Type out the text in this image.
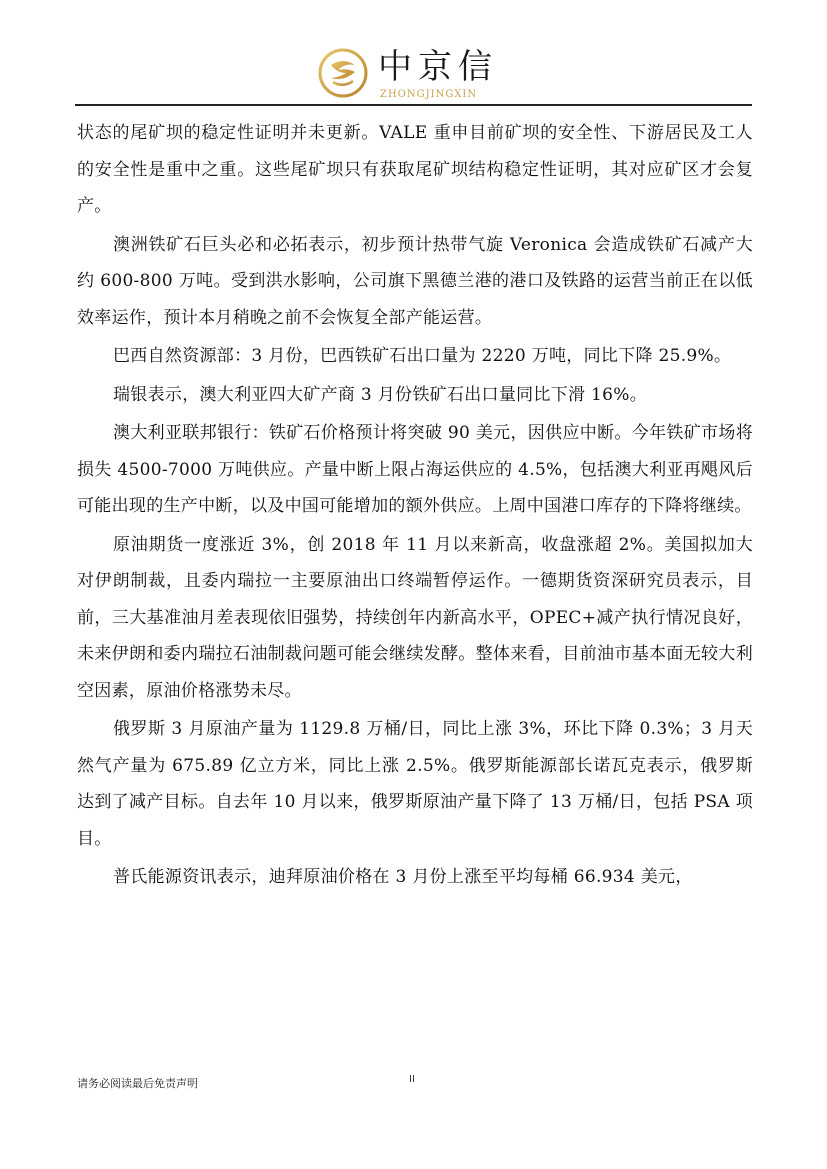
中京信
ZHONGJINGXIN

状态的尾矿坝的稳定性证明并未更新。VALE 重申目前矿坝的安全性、下游居民及工人的安全性是重中之重。这些尾矿坝只有获取尾矿坝结构稳定性证明，其对应矿区才会复产。

澳洲铁矿石巨头必和必拓表示，初步预计热带气旋 Veronica 会造成铁矿石减产大约 600-800 万吨。受到洪水影响，公司旗下黑德兰港的港口及铁路的运营当前正在以低效率运作，预计本月稍晚之前不会恢复全部产能运营。

巴西自然资源部：3 月份，巴西铁矿石出口量为 2220 万吨，同比下降 25.9%。

瑞银表示，澳大利亚四大矿产商 3 月份铁矿石出口量同比下滑 16%。

澳大利亚联邦银行：铁矿石价格预计将突破 90 美元，因供应中断。今年铁矿市场将损失 4500-7000 万吨供应。产量中断上限占海运供应的 4.5%，包括澳大利亚再飓风后可能出现的生产中断，以及中国可能增加的额外供应。上周中国港口库存的下降将继续。

原油期货一度涨近 3%，创 2018 年 11 月以来新高，收盘涨超 2%。美国拟加大对伊朗制裁，且委内瑞拉一主要原油出口终端暂停运作。一德期货资深研究员表示，目前，三大基准油月差表现依旧强势，持续创年内新高水平，OPEC+减产执行情况良好，未来伊朗和委内瑞拉石油制裁问题可能会继续发酵。整体来看，目前油市基本面无较大利空因素，原油价格涨势未尽。

俄罗斯 3 月原油产量为 1129.8 万桶/日，同比上涨 3%，环比下降 0.3%；3 月天然气产量为 675.89 亿立方米，同比上涨 2.5%。俄罗斯能源部长诺瓦克表示，俄罗斯达到了减产目标。自去年 10 月以来，俄罗斯原油产量下降了 13 万桶/日，包括 PSA 项目。

普氏能源资讯表示，迪拜原油价格在 3 月份上涨至平均每桶 66.934 美元，

请务必阅读最后免责声明	II
